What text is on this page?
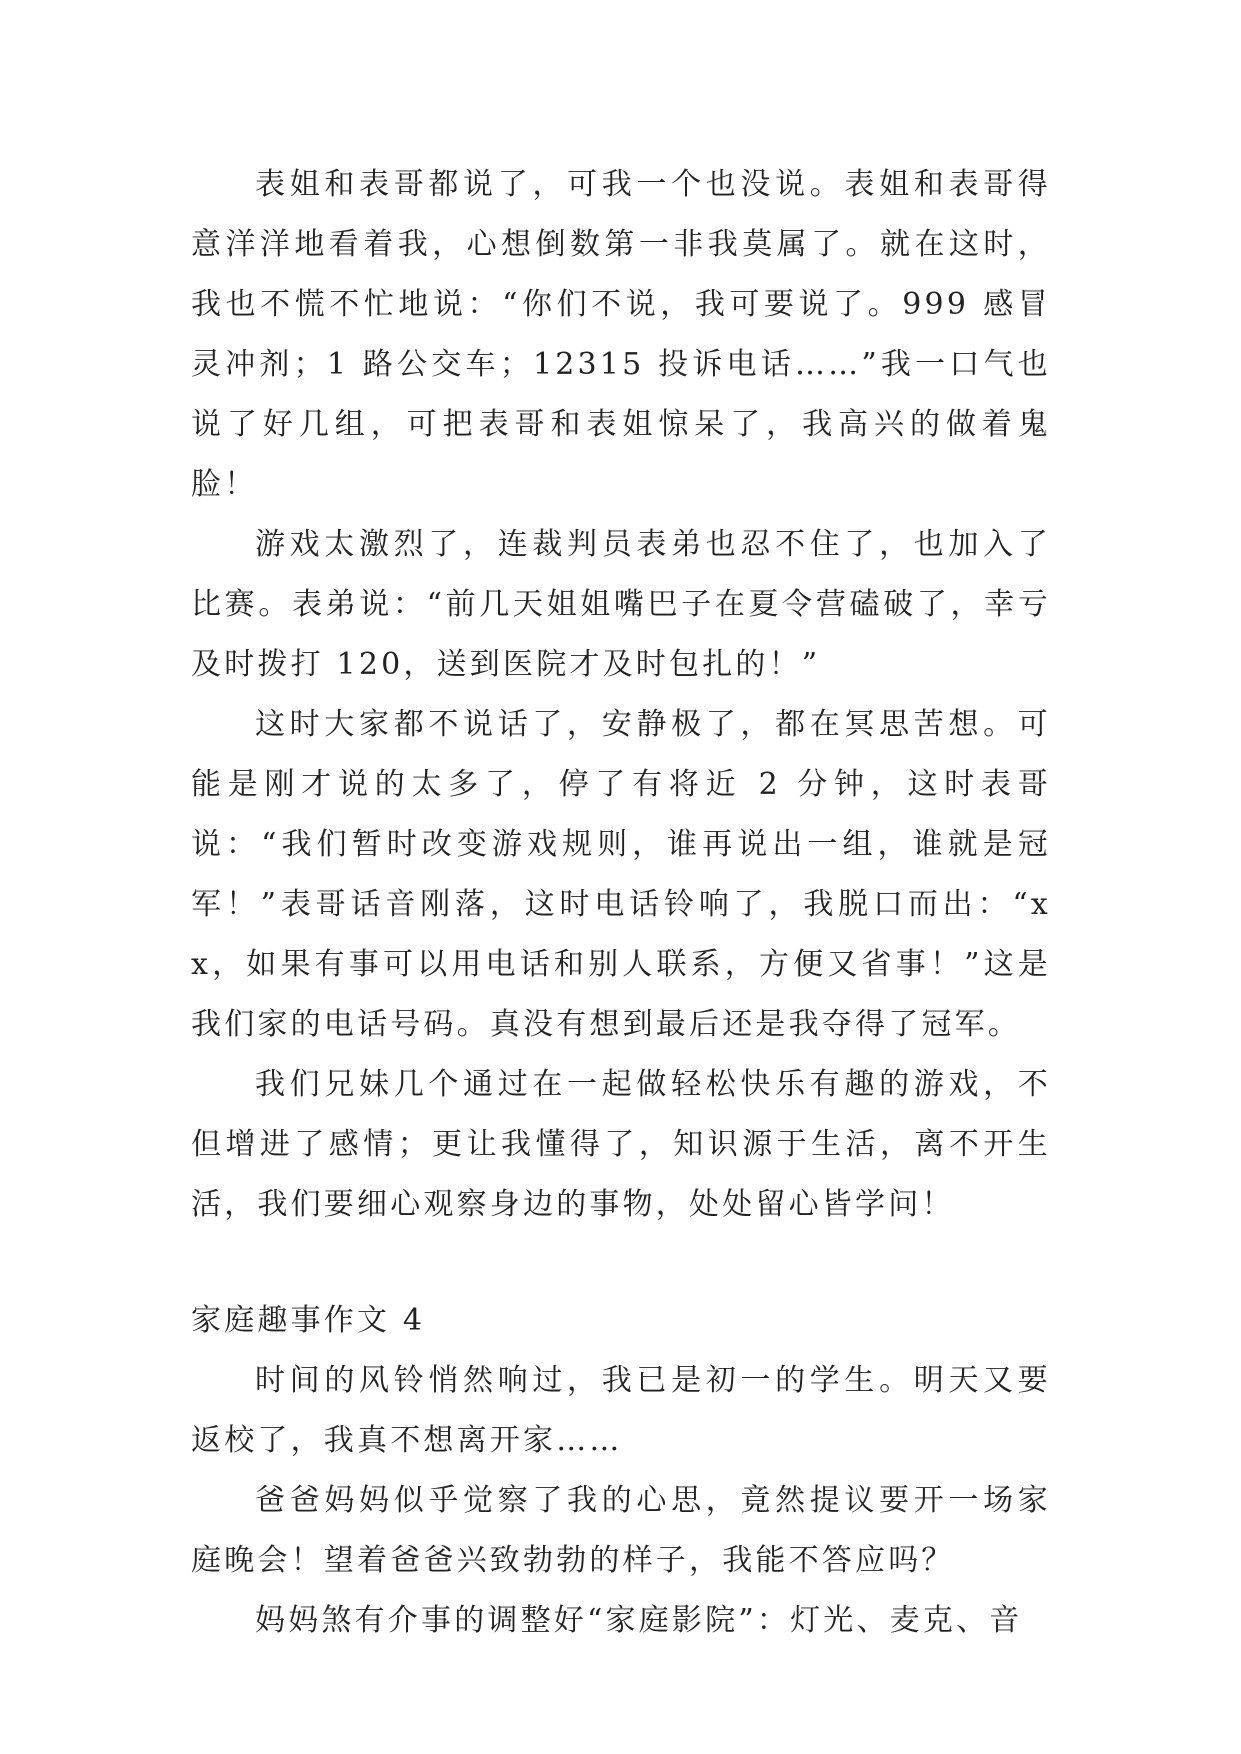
表姐和表哥都说了，可我一个也没说。表姐和表哥得意洋洋地看着我，心想倒数第一非我莫属了。就在这时，我也不慌不忙地说：“你们不说，我可要说了。999 感冒灵冲剂；1 路公交车；12315 投诉电话……”我一口气也说了好几组，可把表哥和表姐惊呆了，我高兴的做着鬼脸！

游戏太激烈了，连裁判员表弟也忍不住了，也加入了比赛。表弟说：“前几天姐姐嘴巴子在夏令营磕破了，幸亏及时拨打 120，送到医院才及时包扎的！”

这时大家都不说话了，安静极了，都在冥思苦想。可能是刚才说的太多了，停了有将近 2 分钟，这时表哥说：“我们暂时改变游戏规则，谁再说出一组，谁就是冠军！”表哥话音刚落，这时电话铃响了，我脱口而出：“xx，如果有事可以用电话和别人联系，方便又省事！”这是我们家的电话号码。真没有想到最后还是我夺得了冠军。

我们兄妹几个通过在一起做轻松快乐有趣的游戏，不但增进了感情；更让我懂得了，知识源于生活，离不开生活，我们要细心观察身边的事物，处处留心皆学问！

家庭趣事作文 4

时间的风铃悄然响过，我已是初一的学生。明天又要返校了，我真不想离开家……

爸爸妈妈似乎觉察了我的心思，竟然提议要开一场家庭晚会！望着爸爸兴致勃勃的样子，我能不答应吗？

妈妈煞有介事的调整好“家庭影院”：灯光、麦克、音
